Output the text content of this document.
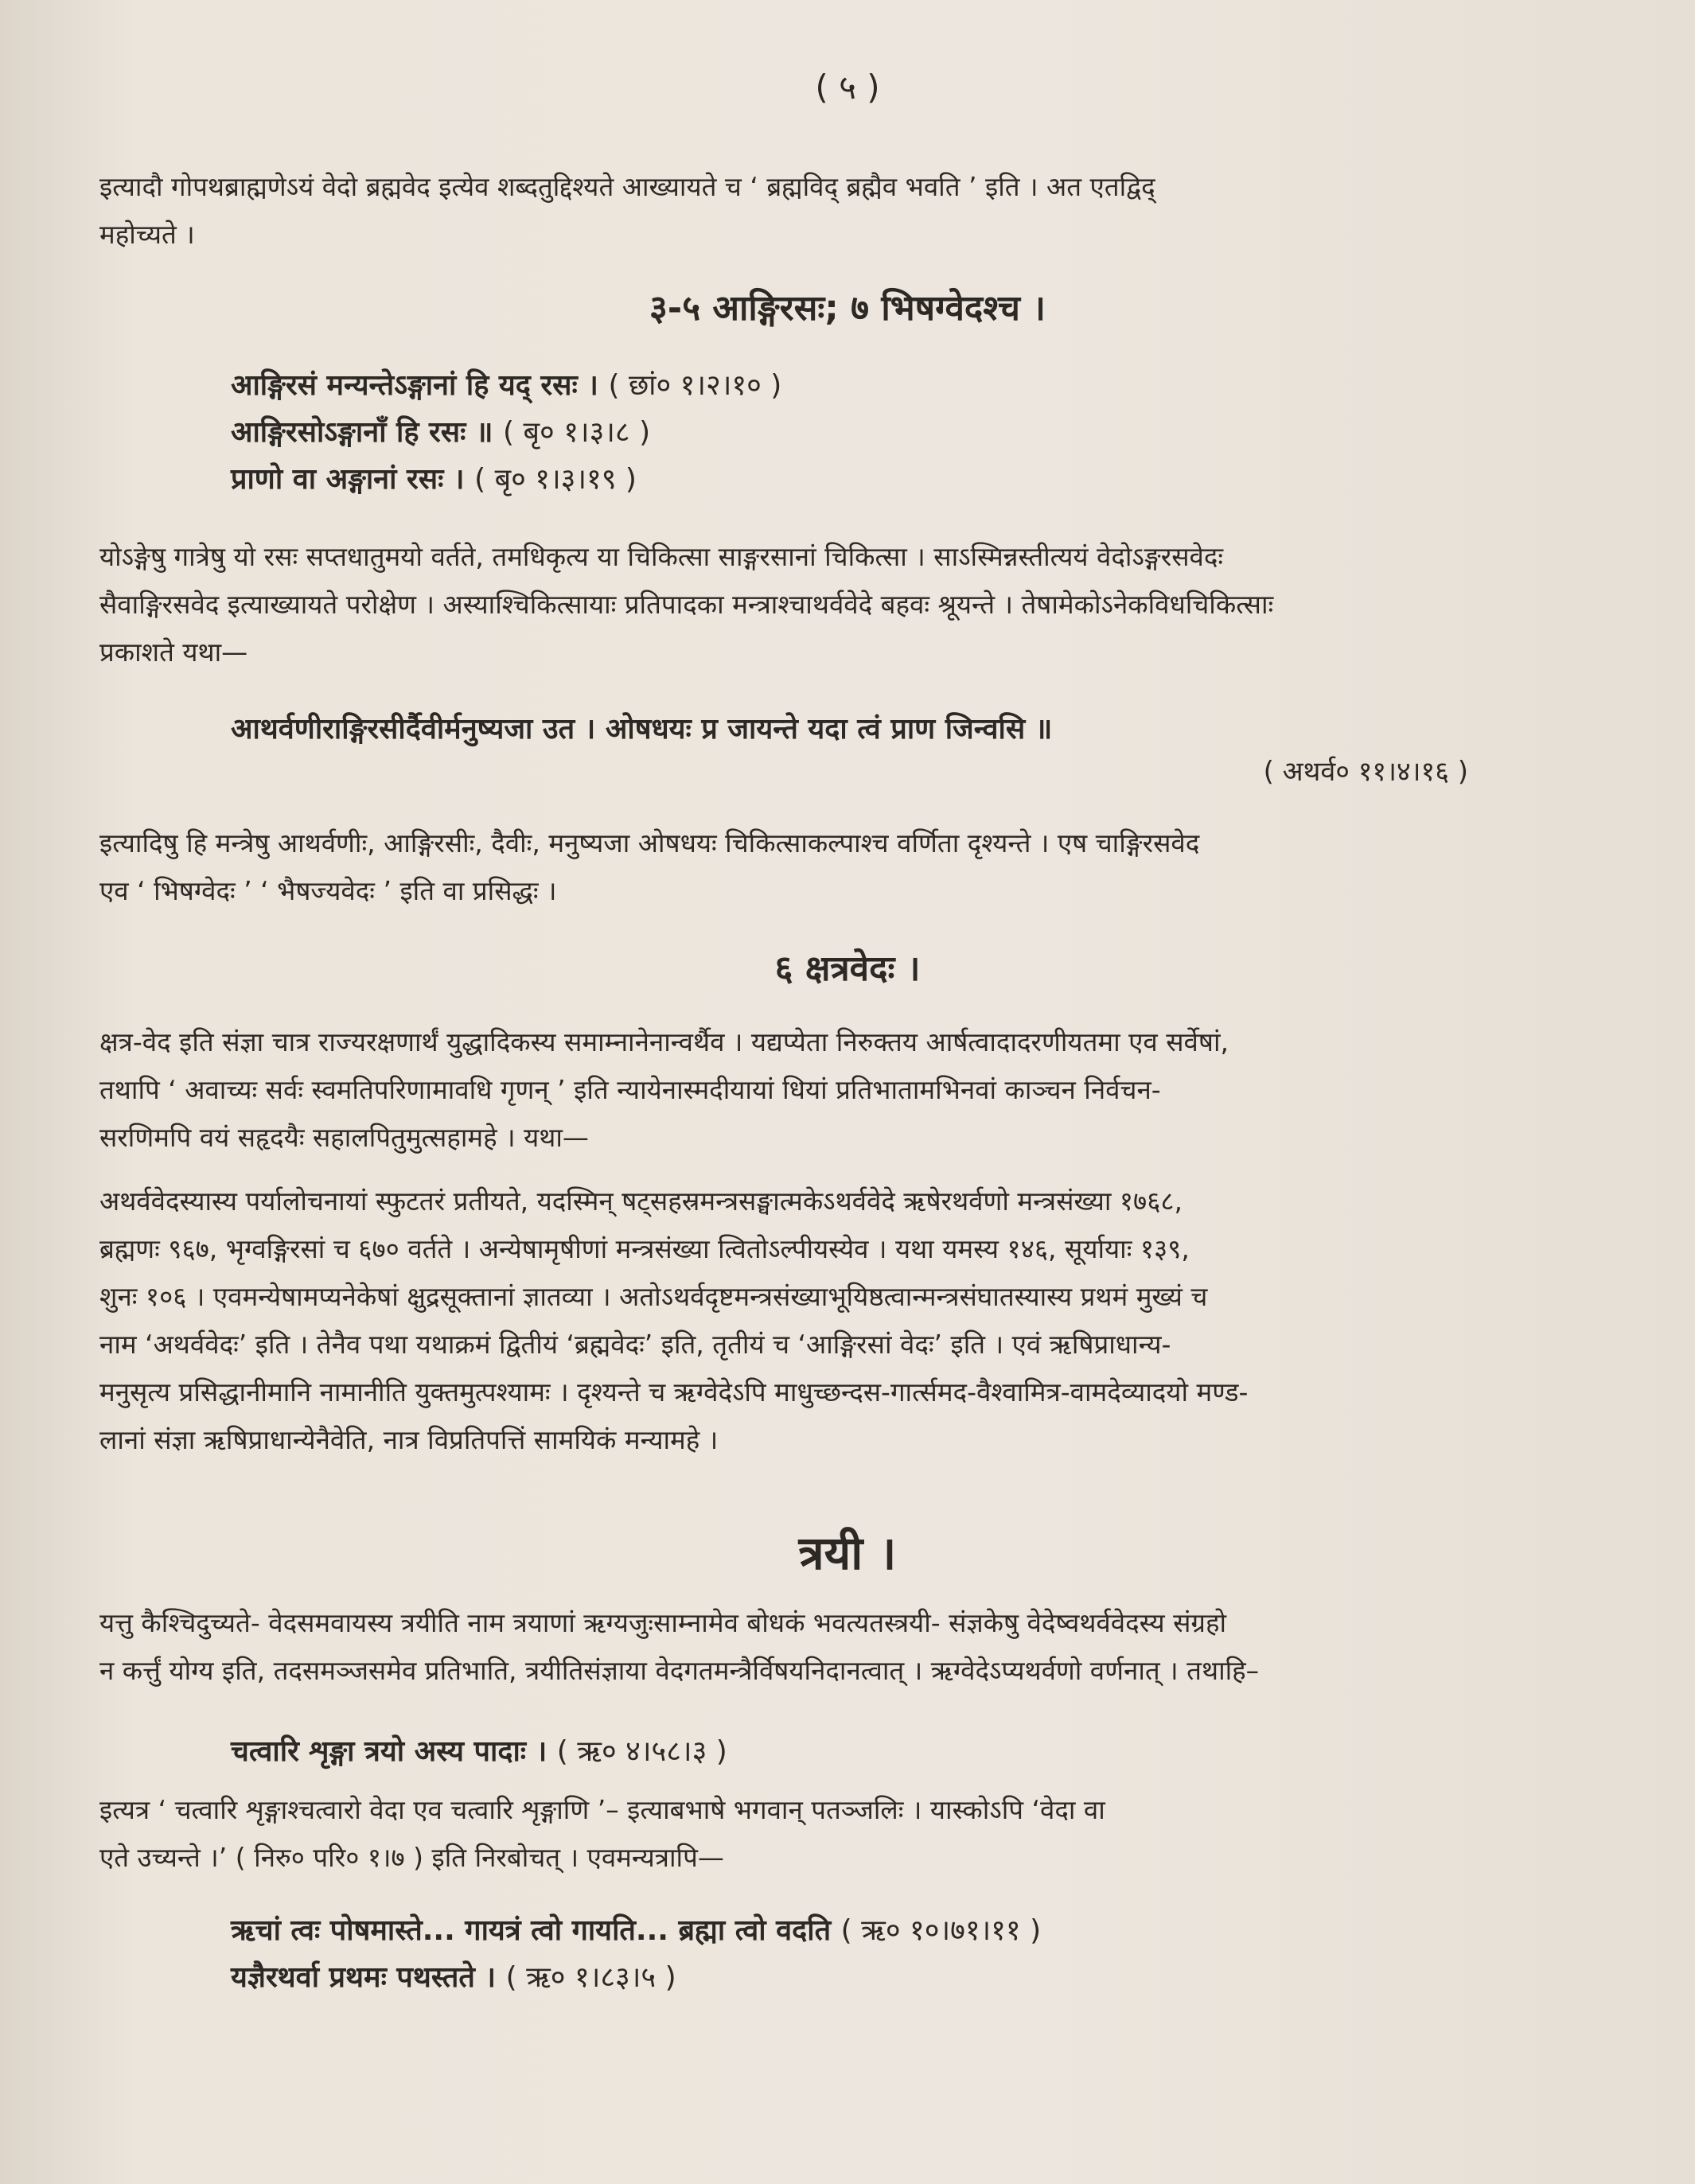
( ५ )
इत्यादौ गोपथब्राह्मणेऽयं वेदो ब्रह्मवेद इत्येव शब्दतुद्दिश्यते आख्यायते च ‘ ब्रह्मविद् ब्रह्मैव भवति ’ इति । अत एतद्विद्
महोच्यते ।
३-५ आङ्गिरसः; ७ भिषग्वेदश्च ।
आङ्गिरसं मन्यन्तेऽङ्गानां हि यद् रसः । ( छां० १।२।१० )
आङ्गिरसोऽङ्गानाँ हि रसः ॥ ( बृ० १।३।८ )
प्राणो वा अङ्गानां रसः । ( बृ० १।३।१९ )
योऽङ्गेषु गात्रेषु यो रसः सप्तधातुमयो वर्तते, तमधिकृत्य या चिकित्सा साङ्गरसानां चिकित्सा । साऽस्मिन्नस्तीत्ययं वेदोऽङ्गरसवेदः
सैवाङ्गिरसवेद इत्याख्यायते परोक्षेण । अस्याश्चिकित्सायाः प्रतिपादका मन्त्राश्चाथर्ववेदे बहवः श्रूयन्ते । तेषामेकोऽनेकविधचिकित्साः
प्रकाशते यथा—
आथर्वणीराङ्गिरसीर्दैवीर्मनुष्यजा उत । ओषधयः प्र जायन्ते यदा त्वं प्राण जिन्वसि ॥
( अथर्व० ११।४।१६ )
इत्यादिषु हि मन्त्रेषु आथर्वणीः, आङ्गिरसीः, दैवीः, मनुष्यजा ओषधयः चिकित्साकल्पाश्च वर्णिता दृश्यन्ते । एष चाङ्गिरसवेद
एव ‘ भिषग्वेदः ’ ‘ भैषज्यवेदः ’ इति वा प्रसिद्धः ।
६ क्षत्रवेदः ।
क्षत्र-वेद इति संज्ञा चात्र राज्यरक्षणार्थं युद्धादिकस्य समाम्नानेनान्वर्थैव । यद्यप्येता निरुक्तय आर्षत्वादादरणीयतमा एव सर्वेषां,
तथापि ‘ अवाच्यः सर्वः स्वमतिपरिणामावधि गृणन् ’ इति न्यायेनास्मदीयायां धियां प्रतिभातामभिनवां काञ्चन निर्वचन-
सरणिमपि वयं सहृदयैः सहालपितुमुत्सहामहे । यथा—
अथर्ववेदस्यास्य पर्यालोचनायां स्फुटतरं प्रतीयते, यदस्मिन् षट्सहस्रमन्त्रसङ्घात्मकेऽथर्ववेदे ऋषेरथर्वणो मन्त्रसंख्या १७६८,
ब्रह्मणः ९६७, भृग्वङ्गिरसां च ६७० वर्तते । अन्येषामृषीणां मन्त्रसंख्या त्वितोऽल्पीयस्येव । यथा यमस्य १४६, सूर्यायाः १३९,
शुनः १०६ । एवमन्येषामप्यनेकेषां क्षुद्रसूक्तानां ज्ञातव्या । अतोऽथर्वदृष्टमन्त्रसंख्याभूयिष्ठत्वान्मन्त्रसंघातस्यास्य प्रथमं मुख्यं च
नाम ‘अथर्ववेदः’ इति । तेनैव पथा यथाक्रमं द्वितीयं ‘ब्रह्मवेदः’ इति, तृतीयं च ‘आङ्गिरसां वेदः’ इति । एवं ऋषिप्राधान्य-
मनुसृत्य प्रसिद्धानीमानि नामानीति युक्तमुत्पश्यामः । दृश्यन्ते च ऋग्वेदेऽपि माधुच्छन्दस-गार्त्समद-वैश्वामित्र-वामदेव्यादयो मण्ड-
लानां संज्ञा ऋषिप्राधान्येनैवेति, नात्र विप्रतिपत्तिं सामयिकं मन्यामहे ।
त्रयी ।
यत्तु कैश्चिदुच्यते- वेदसमवायस्य त्रयीति नाम त्रयाणां ऋग्यजुःसाम्नामेव बोधकं भवत्यतस्त्रयी- संज्ञकेषु वेदेष्वथर्ववेदस्य संग्रहो
न कर्त्तुं योग्य इति, तदसमञ्जसमेव प्रतिभाति, त्रयीतिसंज्ञाया वेदगतमन्त्रैर्विषयनिदानत्वात् । ऋग्वेदेऽप्यथर्वणो वर्णनात् । तथाहि–
चत्वारि शृङ्गा त्रयो अस्य पादाः । ( ऋ० ४।५८।३ )
इत्यत्र ‘ चत्वारि शृङ्गाश्चत्वारो वेदा एव चत्वारि शृङ्गाणि ’– इत्याबभाषे भगवान् पतञ्जलिः । यास्कोऽपि ‘वेदा वा
एते उच्यन्ते ।’ ( निरु० परि० १।७ ) इति निरबोचत् । एवमन्यत्रापि—
ऋचां त्वः पोषमास्ते... गायत्रं त्वो गायति... ब्रह्मा त्वो वदति ( ऋ० १०।७१।११ )
यज्ञैरथर्वा प्रथमः पथस्तते । ( ऋ० १।८३।५ )
